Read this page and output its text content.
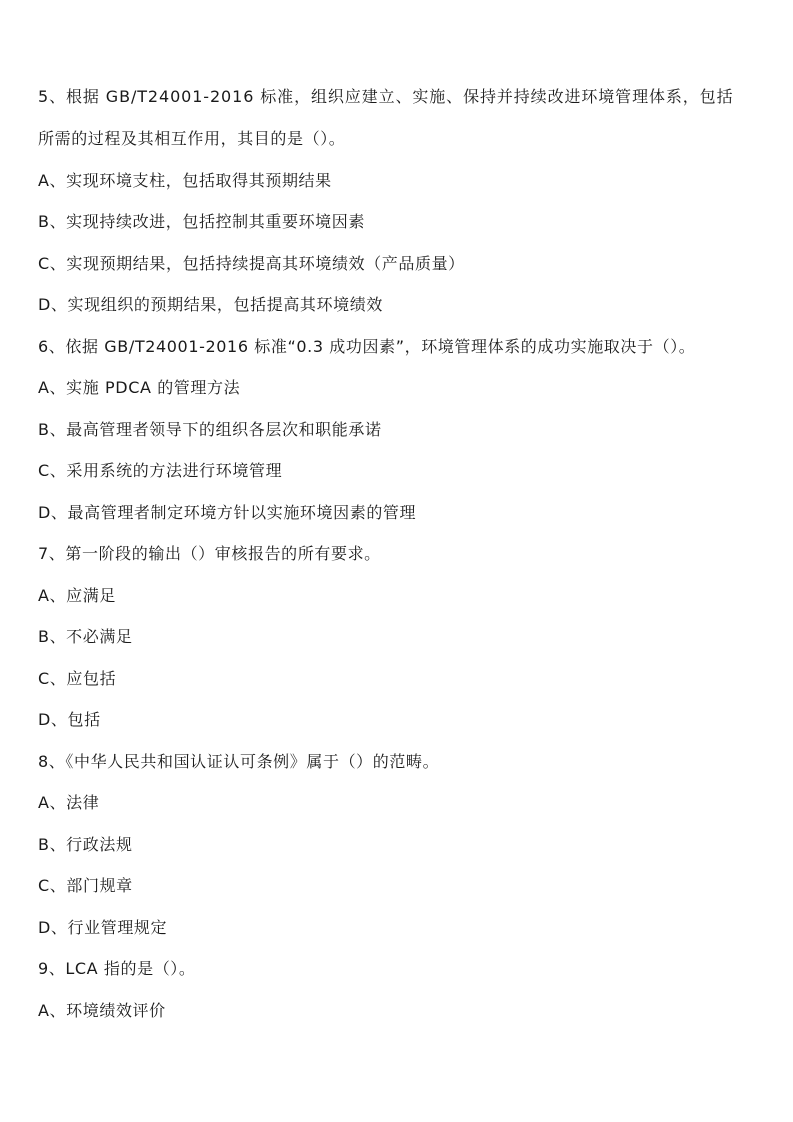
5、根据 GB/T24001-2016 标准，组织应建立、实施、保持并持续改进环境管理体系，包括
所需的过程及其相互作用，其目的是（）。
A、实现环境支柱，包括取得其预期结果
B、实现持续改进，包括控制其重要环境因素
C、实现预期结果，包括持续提高其环境绩效（产品质量）
D、实现组织的预期结果，包括提高其环境绩效
6、依据 GB/T24001-2016 标准“0.3 成功因素”，环境管理体系的成功实施取决于（）。
A、实施 PDCA 的管理方法
B、最高管理者领导下的组织各层次和职能承诺
C、采用系统的方法进行环境管理
D、最高管理者制定环境方针以实施环境因素的管理
7、第一阶段的输出（）审核报告的所有要求。
A、应满足
B、不必满足
C、应包括
D、包括
8、《中华人民共和国认证认可条例》属于（）的范畴。
A、法律
B、行政法规
C、部门规章
D、行业管理规定
9、LCA 指的是（）。
A、环境绩效评价
